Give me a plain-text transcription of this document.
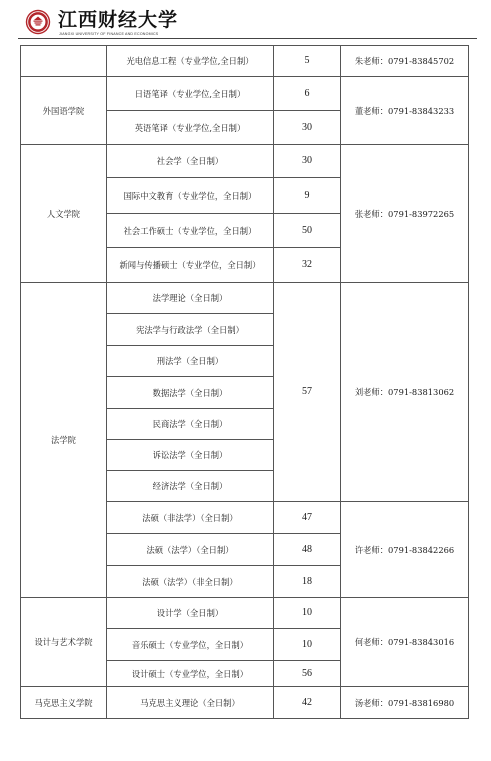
江西财经大学
JIANGXI UNIVERSITY OF FINANCE AND ECONOMICS
	光电信息工程（专业学位,全日制）	5	朱老师：0791-83845702
外国语学院	日语笔译（专业学位,全日制）	6	董老师：0791-83843233
	英语笔译（专业学位,全日制）	30	
人文学院	社会学（全日制）	30	张老师：0791-83972265
	国际中文教育（专业学位，全日制）	9	
	社会工作硕士（专业学位，全日制）	50	
	新闻与传播硕士（专业学位，全日制）	32	
法学院	法学理论（全日制）	57	刘老师：0791-83813062
	宪法学与行政法学（全日制）		
	刑法学（全日制）		
	数据法学（全日制）		
	民商法学（全日制）		
	诉讼法学（全日制）		
	经济法学（全日制）		
	法硕（非法学）（全日制）	47	许老师：0791-83842266
	法硕（法学）（全日制）	48	
	法硕（法学）（非全日制）	18	
设计与艺术学院	设计学（全日制）	10	何老师：0791-83843016
	音乐硕士（专业学位，全日制）	10	
	设计硕士（专业学位，全日制）	56	
马克思主义学院	马克思主义理论（全日制）	42	汤老师：0791-83816980
